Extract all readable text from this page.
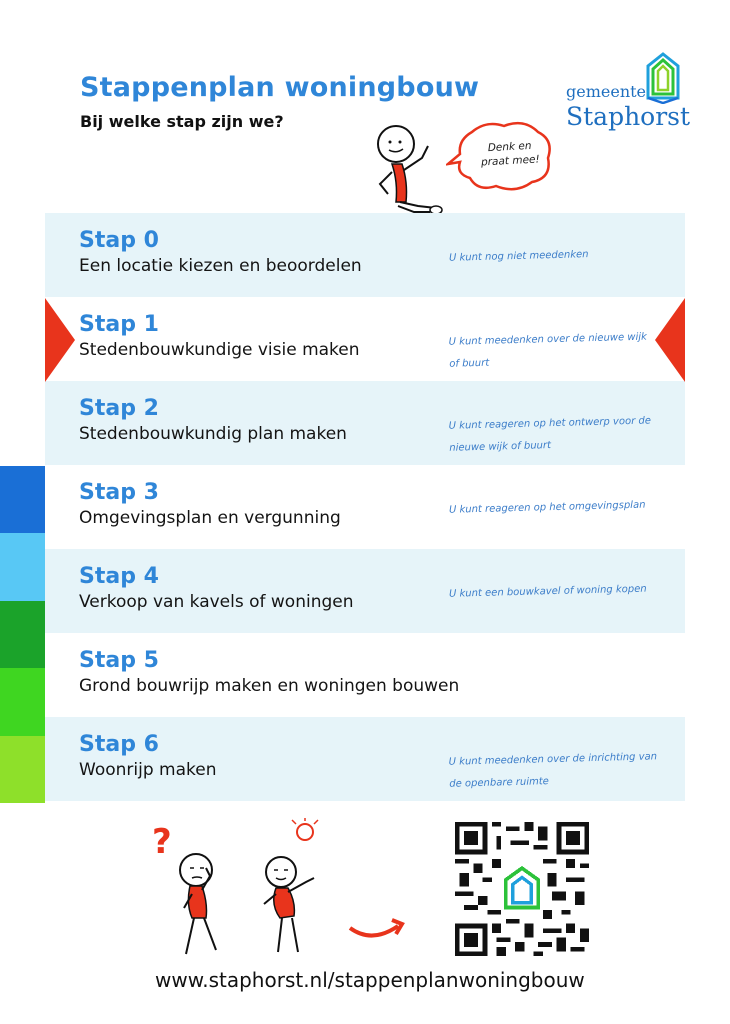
Stappenplan woningbouw
Bij welke stap zijn we?
gemeente
Staphorst
Denk en
praat mee!
Stap 0
Een locatie kiezen en beoordelen	U kunt nog niet meedenken
Stap 1
Stedenbouwkundige visie maken
U kunt meedenken over de nieuwe wijk of buurt
Stap 2
Stedenbouwkundig plan maken
U kunt reageren op het ontwerp voor de nieuwe wijk of buurt
Stap 3
Omgevingsplan en vergunning
U kunt reageren op het omgevingsplan
Stap 4
Verkoop van kavels of woningen
U kunt een bouwkavel of woning kopen
Stap 5
Grond bouwrijp maken en woningen bouwen
Stap 6
Woonrijp maken
U kunt meedenken over de inrichting van de openbare ruimte
?
www.staphorst.nl/stappenplanwoningbouw
